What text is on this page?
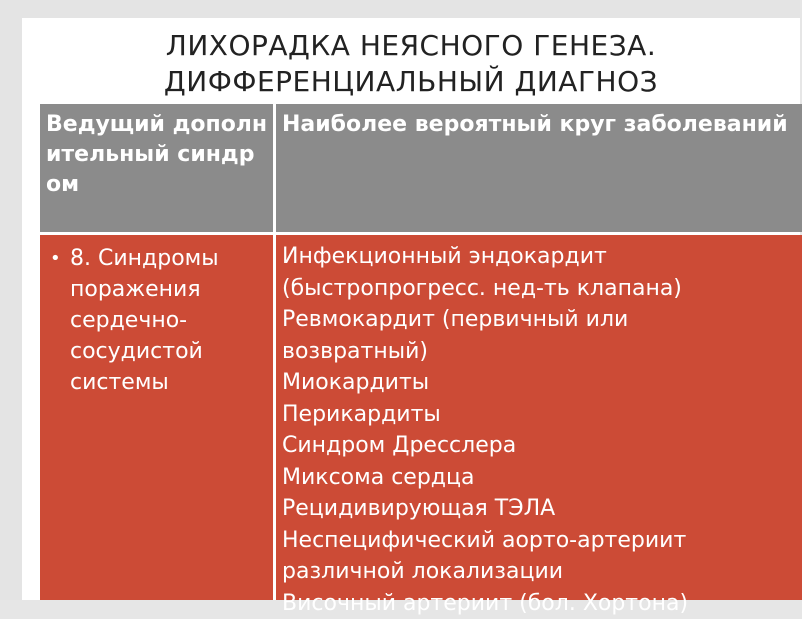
ЛИХОРАДКА НЕЯСНОГО ГЕНЕЗА.
ДИФФЕРЕНЦИАЛЬНЫЙ ДИАГНОЗ
Ведущий дополнительный синдром
Наиболее вероятный круг заболеваний
• 8. Синдромы поражения сердечно-сосудистой системы
Инфекционный эндокардит
(быстропрогресс. нед-ть клапана)
Ревмокардит (первичный или
возвратный)
Миокардиты
Перикардиты
Синдром Дресслера
Миксома сердца
Рецидивирующая ТЭЛА
Неспецифический аорто-артериит
различной локализации
Височный артериит (бол. Хортона)
